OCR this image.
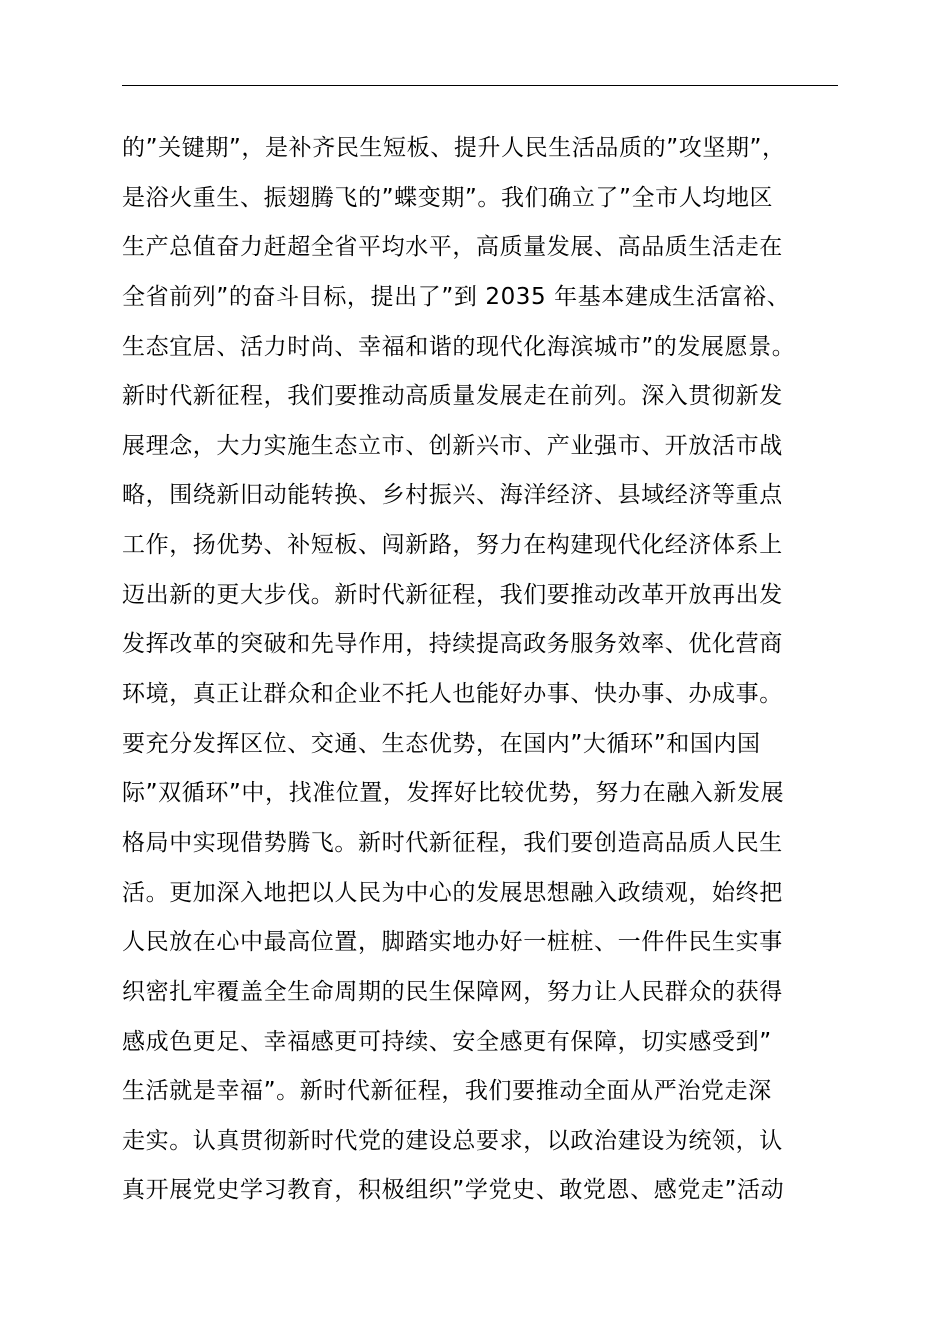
的”关键期”，是补齐民生短板、提升人民生活品质的”攻坚期”，
是浴火重生、振翅腾飞的”蝶变期”。我们确立了”全市人均地区
生产总值奋力赶超全省平均水平，高质量发展、高品质生活走在
全省前列”的奋斗目标，提出了”到 2035 年基本建成生活富裕、
生态宜居、活力时尚、幸福和谐的现代化海滨城市”的发展愿景。
新时代新征程，我们要推动高质量发展走在前列。深入贯彻新发
展理念，大力实施生态立市、创新兴市、产业强市、开放活市战
略，围绕新旧动能转换、乡村振兴、海洋经济、县域经济等重点
工作，扬优势、补短板、闯新路，努力在构建现代化经济体系上
迈出新的更大步伐。新时代新征程，我们要推动改革开放再出发
发挥改革的突破和先导作用，持续提高政务服务效率、优化营商
环境，真正让群众和企业不托人也能好办事、快办事、办成事。
要充分发挥区位、交通、生态优势，在国内”大循环”和国内国
际”双循环”中，找准位置，发挥好比较优势，努力在融入新发展
格局中实现借势腾飞。新时代新征程，我们要创造高品质人民生
活。更加深入地把以人民为中心的发展思想融入政绩观，始终把
人民放在心中最高位置，脚踏实地办好一桩桩、一件件民生实事
织密扎牢覆盖全生命周期的民生保障网，努力让人民群众的获得
感成色更足、幸福感更可持续、安全感更有保障，切实感受到”
生活就是幸福”。新时代新征程，我们要推动全面从严治党走深
走实。认真贯彻新时代党的建设总要求，以政治建设为统领，认
真开展党史学习教育，积极组织”学党史、敢党恩、感党走”活动
